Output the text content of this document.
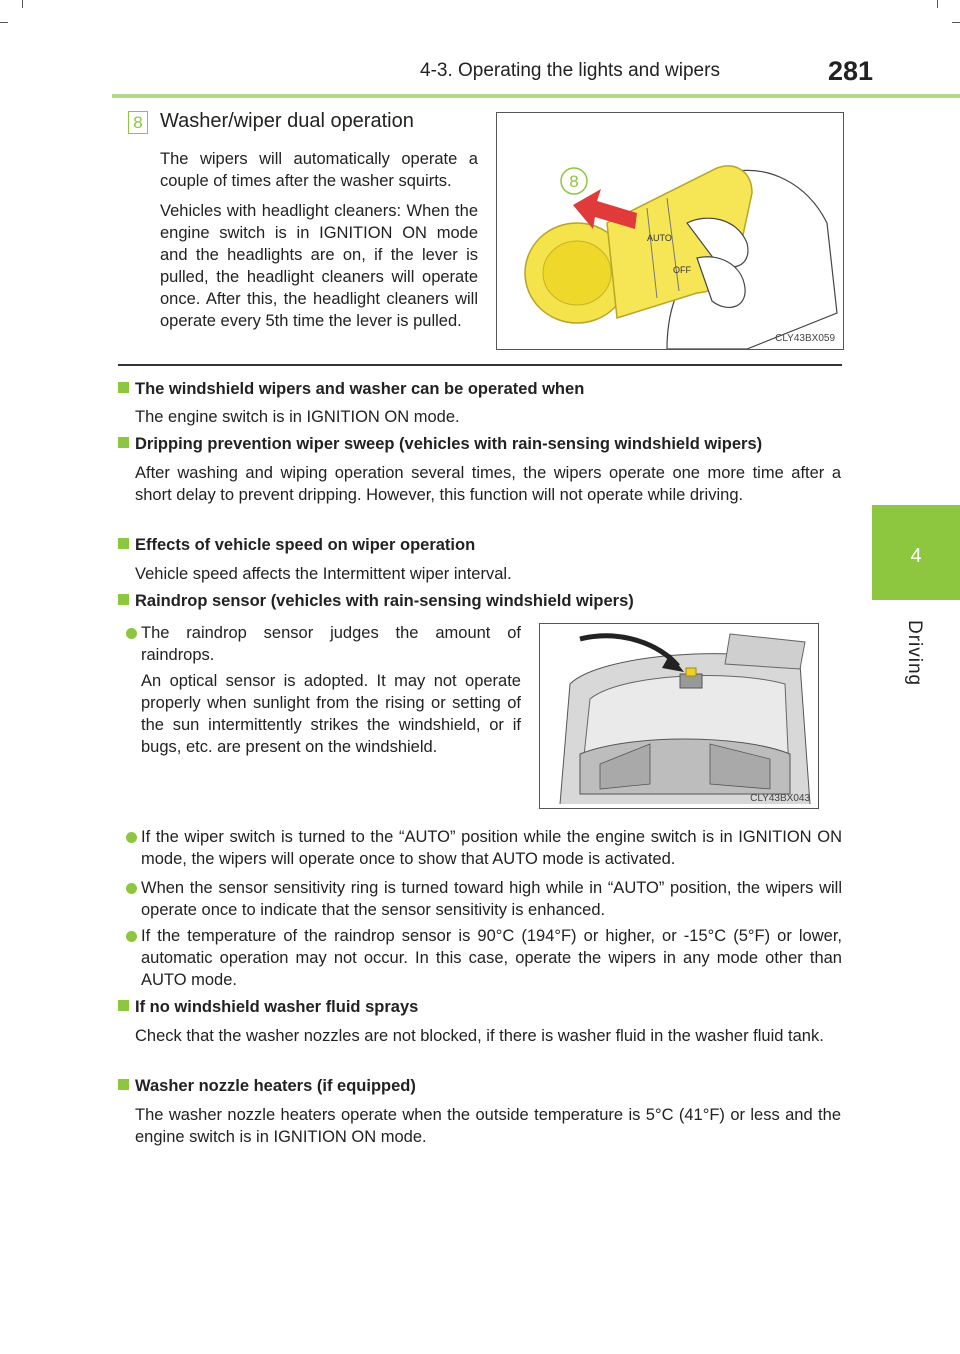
4-3. Operating the lights and wipers	281
4
Driving
8 Washer/wiper dual operation

The wipers will automatically operate a couple of times after the washer squirts.

Vehicles with headlight cleaners: When the engine switch is in IGNITION ON mode and the headlights are on, if the lever is pulled, the headlight cleaners will operate once. After this, the headlight cleaners will operate every 5th time the lever is pulled.

AUTO
OFF
8
CLY43BX059
The windshield wipers and washer can be operated when
The engine switch is in IGNITION ON mode.
Dripping prevention wiper sweep (vehicles with rain-sensing windshield wipers)
After washing and wiping operation several times, the wipers operate one more time after a short delay to prevent dripping. However, this function will not operate while driving.
Effects of vehicle speed on wiper operation
Vehicle speed affects the Intermittent wiper interval.
Raindrop sensor (vehicles with rain-sensing windshield wipers)
The raindrop sensor judges the amount of raindrops.
An optical sensor is adopted. It may not operate properly when sunlight from the rising or setting of the sun intermittently strikes the windshield, or if bugs, etc. are present on the windshield.
CLY43BX043
If the wiper switch is turned to the “AUTO” position while the engine switch is in IGNITION ON mode, the wipers will operate once to show that AUTO mode is activated.
When the sensor sensitivity ring is turned toward high while in “AUTO” position, the wipers will operate once to indicate that the sensor sensitivity is enhanced.
If the temperature of the raindrop sensor is 90°C (194°F) or higher, or -15°C (5°F) or lower, automatic operation may not occur. In this case, operate the wipers in any mode other than AUTO mode.
If no windshield washer fluid sprays
Check that the washer nozzles are not blocked, if there is washer fluid in the washer fluid tank.
Washer nozzle heaters (if equipped)
The washer nozzle heaters operate when the outside temperature is 5°C (41°F) or less and the engine switch is in IGNITION ON mode.
